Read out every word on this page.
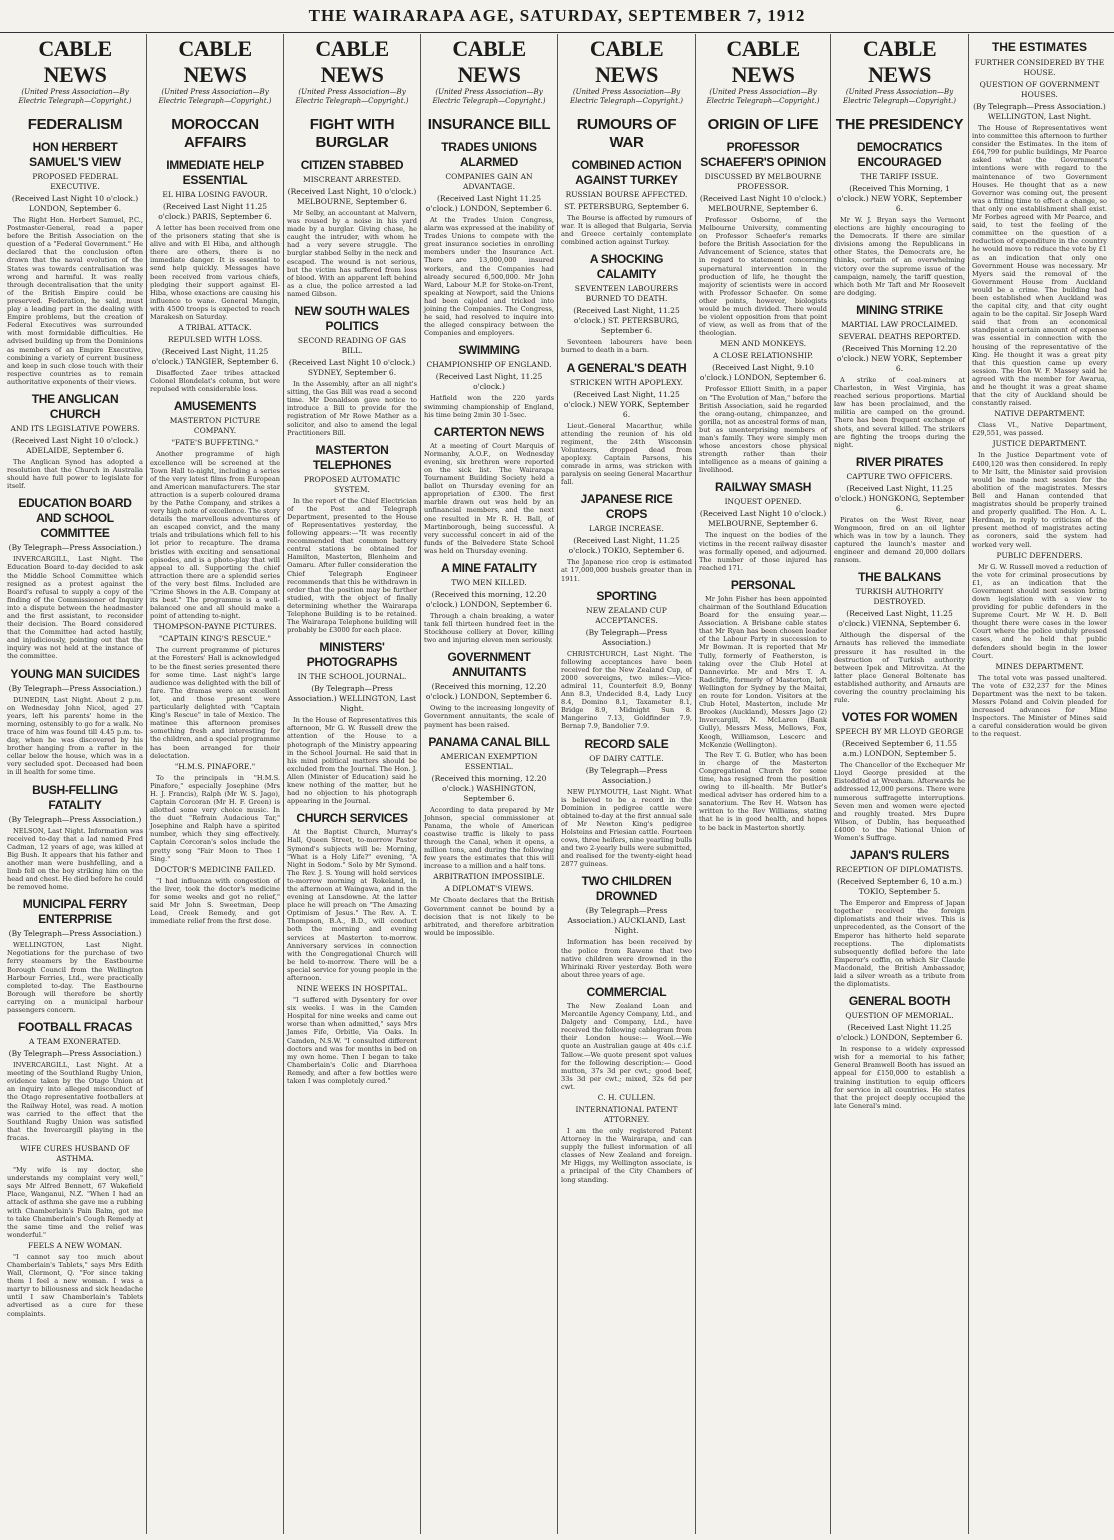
THE WAIRARAPA AGE, SATURDAY, SEPTEMBER 7, 1912
CABLE NEWS
(United Press Association—By Electric Telegraph—Copyright.)
FEDERALISM
HON HERBERT SAMUEL'S VIEW
PROPOSED FEDERAL EXECUTIVE.
(Received Last Night 10 o'clock.) LONDON, September 6.

The Right Hon. Herbert Samuel, P.C., Postmaster-General, read a paper before the British Association on the question of a "Federal Government." He declared that the conclusion often drawn that the naval evolution of the States was towards centralisation was wrong and harmful. It was really through decentralisation that the unity of the British Empire could be preserved. Federation, he said, must play a leading part in the dealing with Empire problems, but the creation of Federal Executives was surrounded with most formidable difficulties. He advised building up from the Dominions as members of an Empire Executive, combining a variety of current business and keep in such close touch with their respective countries as to remain authoritative exponents of their views.

THE ANGLICAN CHURCH
AND ITS LEGISLATIVE POWERS.
(Received Last Night 10 o'clock.) ADELAIDE, September 6.

The Anglican Synod has adopted a resolution that the Church in Australia should have full power to legislate for itself.

EDUCATION BOARD AND SCHOOL COMMITTEE
(By Telegraph—Press Association.)

INVERCARGILL, Last Night. The Education Board to-day decided to ask the Middle School Committee which resigned as a protest against the Board's refusal to supply a copy of the finding of the Commissioner of Inquiry into a dispute between the headmaster and the first assistant, to reconsider their decision. The Board considered that the Committee had acted hastily, and injudiciously, pointing out that the inquiry was not held at the instance of the committee.

YOUNG MAN SUICIDES
(By Telegraph—Press Association.)

DUNEDIN, Last Night. About 2 p.m. on Wednesday John Nicol, aged 27 years, left his parents' home in the morning, ostensibly to go for a walk. No trace of him was found till 4.45 p.m. to-day, when he was discovered by his brother hanging from a rafter in the cellar below the house, which was in a very secluded spot. Deceased had been in ill health for some time.

BUSH-FELLING FATALITY
(By Telegraph—Press Association.)

NELSON, Last Night. Information was received to-day that a lad named Fred Cadman, 12 years of age, was killed at Big Bush. It appears that his father and another man were bushfelling, and a limb fell on the boy striking him on the head and chest. He died before he could be removed home.

MUNICIPAL FERRY ENTERPRISE
(By Telegraph—Press Association.)

WELLINGTON, Last Night. Negotiations for the purchase of two ferry steamers by the Eastbourne Borough Council from the Wellington Harbour Ferries, Ltd., were practically completed to-day. The Eastbourne Borough will therefore be shortly carrying on a municipal harbour passengers concern.

FOOTBALL FRACAS
A TEAM EXONERATED.
(By Telegraph—Press Association.)

INVERCARGILL, Last Night. At a meeting of the Southland Rugby Union, evidence taken by the Otago Union at an inquiry into alleged misconduct of the Otago representative footballers at the Railway Hotel, was read. A motion was carried to the effect that the Southland Rugby Union was satisfied that the Invercargill playing in the fracas.

WIFE CURES HUSBAND OF ASTHMA.

"My wife is my doctor, she understands my complaint very well," says Mr Alfred Bennett, 67 Wakefield Place, Wanganui, N.Z. "When I had an attack of asthma she gave me a rubbing with Chamberlain's Pain Balm, got me to take Chamberlain's Cough Remedy at the same time and the relief was wonderful."

FEELS A NEW WOMAN.

"I cannot say too much about Chamberlain's Tablets," says Mrs Edith Wall, Clermont, Q. "For since taking them I feel a new woman. I was a martyr to biliousness and sick headache until I saw Chamberlain's Tablets advertised as a cure for these complaints.

CABLE NEWS
(United Press Association—By Electric Telegraph—Copyright.)
MOROCCAN AFFAIRS
IMMEDIATE HELP ESSENTIAL
EL HIBA LOSING FAVOUR.
(Received Last Night 11.25 o'clock.) PARIS, September 6.

A letter has been received from one of the prisoners stating that she is alive and with El Hiba, and although there are others, there is no immediate danger. It is essential to send help quickly. Messages have been received from various chiefs, pledging their support against El-Hiba, whose exactions are causing his influence to wane. General Mangin, with 4500 troops is expected to reach Marakesh on Saturday.

A TRIBAL ATTACK.
REPULSED WITH LOSS.
(Received Last Night, 11.25 o'clock.) TANGIER, September 6.

Disaffected Zaer tribes attacked Colonel Blondelat's column, but were repulsed with considerable loss.

AMUSEMENTS
MASTERTON PICTURE COMPANY.
"FATE'S BUFFETING."

Another programme of high excellence will be screened at the Town Hall to-night, including a series of the very latest films from European and American manufacturers. The star attraction is a superb coloured drama by the Pathe Company, and strikes a very high note of excellence. The story details the marvellous adventures of an escaped convict, and the many trials and tribulations which fell to his lot prior to recapture. The drama bristles with exciting and sensational episodes, and is a photo-play that will appeal to all. Supporting the chief attraction there are a splendid series of the very best films. Included are "Crime Shows in the A.B. Company at its best." The programme is a well-balanced one and all should make a point of attending to-night.

THOMPSON-PAYNE PICTURES.
"CAPTAIN KING'S RESCUE."

The current programme of pictures at the Foresters' Hall is acknowledged to be the finest series presented there for some time. Last night's large audience was delighted with the bill of fare. The dramas were an excellent lot, and those present were particularly delighted with "Captain King's Rescue" in tale of Mexico. The matinee this afternoon promises something fresh and interesting for the children, and a special programme has been arranged for their delectation.

"H.M.S. PINAFORE."

To the principals in "H.M.S. Pinafore," especially Josephine (Mrs H. J. Francis), Ralph (Mr W. S. Jago), Captain Corcoran (Mr H. F. Green) is allotted some very choice music. In the duet "Refrain Audacious Tar," Josephine and Ralph have a spirited number, which they sing effectively. Captain Corcoran's solos include the pretty song "Fair Moon to Thee I Sing."

DOCTOR'S MEDICINE FAILED.

"I had influenza with congestion of the liver, took the doctor's medicine for some weeks and got no relief," said Mr John S. Sweetman, Deep Lead, Creek Remedy, and got immediate relief from the first dose.

CABLE NEWS
(United Press Association—By Electric Telegraph—Copyright.)
FIGHT WITH BURGLAR
CITIZEN STABBED
MISCREANT ARRESTED.
(Received Last Night, 10 o'clock.) MELBOURNE, September 6.

Mr Selby, an accountant at Malvern, was roused by a noise in his yard made by a burglar. Giving chase, he caught the intruder, with whom he had a very severe struggle. The burglar stabbed Selby in the neck and escaped. The wound is not serious, but the victim has suffered from loss of blood. With an apparent left behind as a clue, the police arrested a lad named Gibson.

NEW SOUTH WALES POLITICS
SECOND READING OF GAS BILL.
(Received Last Night 10 o'clock.) SYDNEY, September 6.

In the Assembly, after an all night's sitting, the Gas Bill was read a second time. Mr Donaldson gave notice to introduce a Bill to provide for the registration of Mr Rowe Mather as a solicitor, and also to amend the legal Practitioners Bill.

MASTERTON TELEPHONES
PROPOSED AUTOMATIC SYSTEM.

In the report of the Chief Electrician of the Post and Telegraph Department, presented to the House of Representatives yesterday, the following appears:—"It was recently recommended that common battery central stations be obtained for Hamilton, Masterton, Blenheim and Oamaru. After fuller consideration the Chief Telegraph Engineer recommends that this be withdrawn in order that the position may be further studied, with the object of finally determining whether the Wairarapa Telephone Building is to be retained. The Wairarapa Telephone building will probably be £3000 for each place.

MINISTERS' PHOTOGRAPHS
IN THE SCHOOL JOURNAL.
(By Telegraph—Press Association.) WELLINGTON, Last Night.

In the House of Representatives this afternoon, Mr G. W. Russell drew the attention of the House to a photograph of the Ministry appearing in the School Journal. He said that in his mind political matters should be excluded from the Journal. The Hon. J. Allen (Minister of Education) said he knew nothing of the matter, but he had no objection to his photograph appearing in the Journal.

CHURCH SERVICES

At the Baptist Church, Murray's Hall, Queen Street, to-morrow Pastor Symond's subjects will be: Morning, "What is a Holy Life?" evening, "A Night in Sodom." Solo by Mr Symond. The Rev. J. S. Young will hold services to-morrow morning at Rokeland, in the afternoon at Waingawa, and in the evening at Lansdowne. At the latter place he will preach on "The Amazing Optimism of Jesus." The Rev. A. T. Thompson, B.A., B.D., will conduct both the morning and evening services at Masterton to-morrow. Anniversary services in connection with the Congregational Church will be held to-morrow. There will be a special service for young people in the afternoon.

NINE WEEKS IN HOSPITAL.

"I suffered with Dysentery for over six weeks. I was in the Camden Hospital for nine weeks and came out worse than when admitted," says Mrs James Fife, Orbitle, Via Oaks. In Camden, N.S.W. "I consulted different doctors and was for months in bed on my own home. Then I began to take Chamberlain's Colic and Diarrhoea Remedy, and after a few bottles were taken I was completely cured."

CABLE NEWS
(United Press Association—By Electric Telegraph—Copyright.)
INSURANCE BILL
TRADES UNIONS ALARMED
COMPANIES GAIN AN ADVANTAGE.
(Received Last Night 11.25 o'clock.) LONDON, September 6.

At the Trades Union Congress, alarm was expressed at the inability of Trades Unions to compete with the great insurance societies in enrolling members under the Insurance Act. There are 13,000,000 insured workers, and the Companies had already secured 6,500,000. Mr John Ward, Labour M.P. for Stoke-on-Trent, speaking at Newport, said the Unions had been cajoled and tricked into joining the Companies. The Congress, he said, had resolved to inquire into the alleged conspiracy between the Companies and employers.

SWIMMING
CHAMPIONSHIP OF ENGLAND.
(Received Last Night, 11.25 o'clock.)

Hatfield won the 220 yards swimming championship of England, his time being 2min 30 1-5sec.

CARTERTON NEWS

At a meeting of Court Marquis of Normanby, A.O.F., on Wednesday evening, six brethren were reported on the sick list. The Wairarapa Tournament Building Society held a ballot on Thursday evening for an appropriation of £300. The first marble drawn out was held by an unfinancial members, and the next one resulted in Mr R. H. Ball, of Martinborough, being successful. A very successful concert in aid of the funds of the Belvedere State School was held on Thursday evening.

A MINE FATALITY
TWO MEN KILLED.
(Received this morning, 12.20 o'clock.) LONDON, September 6.

Through a chain breaking, a water tank fell thirteen hundred feet in the Stockhouse colliery at Dover, killing two and injuring eleven men seriously.

GOVERNMENT ANNUITANTS
(Received this morning, 12.20 o'clock.) LONDON, September 6.

Owing to the increasing longevity of Government annuitants, the scale of payment has been raised.

PANAMA CANAL BILL
AMERICAN EXEMPTION ESSENTIAL.
(Received this morning, 12.20 o'clock.) WASHINGTON, September 6.

According to data prepared by Mr Johnson, special commissioner at Panama, the whole of American coastwise traffic is likely to pass through the Canal, when it opens, a million tons, and during the following few years the estimates that this will increase to a million and a half tons.

ARBITRATION IMPOSSIBLE.
A DIPLOMAT'S VIEWS.

Mr Choate declares that the British Government cannot be bound by a decision that is not likely to be arbitrated, and therefore arbitration would be impossible.

CABLE NEWS
(United Press Association—By Electric Telegraph—Copyright.)
RUMOURS OF WAR
COMBINED ACTION AGAINST TURKEY
RUSSIAN BOURSE AFFECTED.
ST. PETERSBURG, September 6.

The Bourse is affected by rumours of war. It is alleged that Bulgaria, Servia and Greece certainly contemplate combined action against Turkey.

A SHOCKING CALAMITY
SEVENTEEN LABOURERS BURNED TO DEATH.
(Received Last Night, 11.25 o'clock.) ST. PETERSBURG, September 6.

Seventeen labourers have been burned to death in a barn.

A GENERAL'S DEATH
STRICKEN WITH APOPLEXY.
(Received Last Night, 11.25 o'clock.) NEW YORK, September 6.

Lieut.-General Macarthur, while attending the reunion of his old regiment, the 24th Wisconsin Volunteers, dropped dead from apoplexy. Captain Parsons, his comrade in arms, was stricken with paralysis on seeing General Macarthur fall.

JAPANESE RICE CROPS
LARGE INCREASE.
(Received Last Night, 11.25 o'clock.) TOKIO, September 6.

The Japanese rice crop is estimated at 17,000,000 bushels greater than in 1911.

SPORTING
NEW ZEALAND CUP ACCEPTANCES.
(By Telegraph—Press Association.)

CHRISTCHURCH, Last Night. The following acceptances have been received for the New Zealand Cup, of 2000 sovereigns, two miles:—Vice-admiral 11, Counterfeit 8.9, Bonny Ann 8.3, Undecided 8.4, Lady Lucy 8.4, Domino 8.1, Taxameter 8.1, Bridge 8.9, Midnight Sun 8. Mangerino 7.13, Goldfinder 7.9, Bernap 7.9, Bandolier 7.9.

RECORD SALE
OF DAIRY CATTLE.
(By Telegraph—Press Association.)

NEW PLYMOUTH, Last Night. What is believed to be a record in the Dominion in pedigree cattle were obtained to-day at the first annual sale of Mr Newton King's pedigree Holsteins and Friesian cattle. Fourteen cows, three heifers, nine yearling bulls and two 2-yearly bulls were submitted, and realised for the twenty-eight head 2877 guineas.

TWO CHILDREN DROWNED
(By Telegraph—Press Association.) AUCKLAND, Last Night.

Information has been received by the police from Rawene that two native children were drowned in the Whirinaki River yesterday. Both were about three years of age.

COMMERCIAL

The New Zealand Loan and Mercantile Agency Company, Ltd., and Dalgety and Company, Ltd., have received the following cablegram from their London house:— Wool.—We quote an Australian gauge at 40s c.i.f. Tallow.—We quote present spot values for the following description:— Good mutton, 37s 3d per cwt.; good beef, 33s 3d per cwt.; mixed, 32s 6d per cwt.

C. H. CULLEN.
INTERNATIONAL PATENT ATTORNEY.

I am the only registered Patent Attorney in the Wairarapa, and can supply the fullest information of all classes of New Zealand and foreign. Mr Higgs, my Wellington associate, is a principal of the City Chambers of long standing.

CABLE NEWS
(United Press Association—By Electric Telegraph—Copyright.)
ORIGIN OF LIFE
PROFESSOR SCHAEFER'S OPINION
DISCUSSED BY MELBOURNE PROFESSOR.
(Received Last Night 10 o'clock.) MELBOURNE, September 6.

Professor Osborne, of the Melbourne University, commenting on Professor Schaefer's remarks before the British Association for the Advancement of Science, states that in regard to statement concerning supernatural intervention in the production of life, he thought the majority of scientists were in accord with Professor Schaefer. On some other points, however, biologists would be much divided. There would be violent opposition from that point of view, as well as from that of the theologian.

MEN AND MONKEYS.
A CLOSE RELATIONSHIP.
(Received Last Night, 9.10 o'clock.) LONDON, September 6.

Professor Elliott Smith, in a paper on "The Evolution of Man," before the British Association, said he regarded the orang-outang, chimpanzee, and gorilla, not as ancestral forms of man, but as unenterprising members of man's family. They were simply men whose ancestors chose physical strength rather than their intelligence as a means of gaining a livelihood.

RAILWAY SMASH
INQUEST OPENED.
(Received Last Night 10 o'clock.) MELBOURNE, September 6.

The inquest on the bodies of the victims in the recent railway disaster was formally opened, and adjourned. The number of those injured has reached 171.

PERSONAL

Mr John Fisher has been appointed chairman of the Southland Education Board for the ensuing year.—Association. A Brisbane cable states that Mr Ryan has been chosen leader of the Labour Party in succession to Mr Bowman. It is reported that Mr Tully, formerly of Featherston, is taking over the Club Hotel at Dannevirke. Mr and Mrs T. A. Radcliffe, formerly of Masterton, left Wellington for Sydney by the Maitai, en route for London. Visitors at the Club Hotel, Masterton, include Mr Brookes (Auckland), Messrs Jago (2) Invercargill, N. McLaren (Bank Gully), Messrs Mess, Mellows, Fox, Keogh, Williamson, Lescerc and McKenzie (Wellington).

The Rev T. G. Butler, who has been in charge of the Masterton Congregational Church for some time, has resigned from the position owing to ill-health. Mr Butler's medical adviser has ordered him to a sanatorium. The Rev H. Watson has written to the Rev Williams, stating that he is in good health, and hopes to be back in Masterton shortly.

CABLE NEWS
(United Press Association—By Electric Telegraph—Copyright.)
THE PRESIDENCY
DEMOCRATICS ENCOURAGED
THE TARIFF ISSUE.
(Received This Morning, 1 o'clock.) NEW YORK, September 6.

Mr W. J. Bryan says the Vermont elections are highly encouraging to the Democrats. If there are similar divisions among the Republicans in other States, the Democrats are, he thinks, certain of an overwhelming victory over the supreme issue of the campaign, namely, the tariff question, which both Mr Taft and Mr Roosevelt are dodging.

MINING STRIKE
MARTIAL LAW PROCLAIMED.
SEVERAL DEATHS REPORTED.
(Received This Morning 12.20 o'clock.) NEW YORK, September 6.

A strike of coal-miners at Charleston, in West Virginia, has reached serious proportions. Martial law has been proclaimed, and the militia are camped on the ground. There has been frequent exchange of shots, and several killed. The strikers are fighting the troops during the night.

RIVER PIRATES
CAPTURE TWO OFFICERS.
(Received Last Night, 11.25 o'clock.) HONGKONG, September 6.

Pirates on the West River, near Wongmoon, fired on an oil lighter which was in tow by a launch. They captured the launch's master and engineer and demand 20,000 dollars ransom.

THE BALKANS
TURKISH AUTHORITY DESTROYED.
(Received Last Night, 11.25 o'clock.) VIENNA, September 6.

Although the dispersal of the Arnauts has relieved the immediate pressure it has resulted in the destruction of Turkish authority between Ipek and Mitrovitza. At the latter place General Boltenate has established authority, and Arnauts are covering the country proclaiming his rule.

VOTES FOR WOMEN
SPEECH BY MR LLOYD GEORGE
(Received September 6, 11.55 a.m.) LONDON, September 5.

The Chancellor of the Exchequer Mr Lloyd George presided at the Eisteddfod at Wrexham. Afterwards he addressed 12,000 persons. There were numerous suffragette interruptions. Seven men and women were ejected and roughly treated. Mrs Dupre Wilson, of Dublin, has bequeathed £4000 to the National Union of Women's Suffrage.

JAPAN'S RULERS
RECEPTION OF DIPLOMATISTS.
(Received September 6, 10 a.m.) TOKIO, September 5.

The Emperor and Empress of Japan together received the foreign diplomatists and their wives. This is unprecedented, as the Consort of the Emperor has hitherto held separate receptions. The diplomatists subsequently defiled before the late Emperor's coffin, on which Sir Claude Macdonald, the British Ambassador, laid a silver wreath as a tribute from the diplomatists.

GENERAL BOOTH
QUESTION OF MEMORIAL.
(Received Last Night 11.25 o'clock.) LONDON, September 6.

In response to a widely expressed wish for a memorial to his father, General Bramwell Booth has issued an appeal for £150,000 to establish a training institution to equip officers for service in all countries. He states that the project deeply occupied the late General's mind.

THE ESTIMATES
FURTHER CONSIDERED BY THE HOUSE.
QUESTION OF GOVERNMENT HOUSES.
(By Telegraph—Press Association.) WELLINGTON, Last Night.

The House of Representatives went into committee this afternoon to further consider the Estimates. In the item of £64,799 for public buildings, Mr Pearce asked what the Government's intentions were with regard to the maintenance of two Government Houses. He thought that as a new Governor was coming out, the present was a fitting time to effect a change, so that only one establishment shall exist. Mr Forbes agreed with Mr Pearce, and said, to test the feeling of the committee on the question of a reduction of expenditure in the country he would move to reduce the vote by £1 as an indication that only one Government House was necessary. Mr Myers said the removal of the Government House from Auckland would be a crime. The building had been established when Auckland was the capital city, and that city ought again to be the capital. Sir Joseph Ward said that from an economical standpoint a certain amount of expense was essential in connection with the housing of the representative of the King. He thought it was a great pity that this question came up every session. The Hon W. F. Massey said he agreed with the member for Awarua, and he thought it was a great shame that the city of Auckland should be constantly raised.

NATIVE DEPARTMENT.

Class VI., Native Department, £29,551, was passed.

JUSTICE DEPARTMENT.

In the Justice Department vote of £400,120 was then considered. In reply to Mr Isitt, the Minister said provision would be made next session for the abolition of the magistrates. Messrs Bell and Hanan contended that magistrates should be properly trained and properly qualified. The Hon. A. L. Herdman, in reply to criticism of the present method of magistrates acting as coroners, said the system had worked very well.

PUBLIC DEFENDERS.

Mr G. W. Russell moved a reduction of the vote for criminal prosecutions by £1, as an indication that the Government should next session bring down legislation with a view to providing for public defenders in the Supreme Court. Mr W. H. D. Bell thought there were cases in the lower Court where the police unduly pressed cases, and he held that public defenders should begin in the lower Court.

MINES DEPARTMENT.

The total vote was passed unaltered. The vote of £32,237 for the Mines Department was the next to be taken. Messrs Poland and Colvin pleaded for increased advances for Mine Inspectors. The Minister of Mines said a careful consideration would be given to the request.
